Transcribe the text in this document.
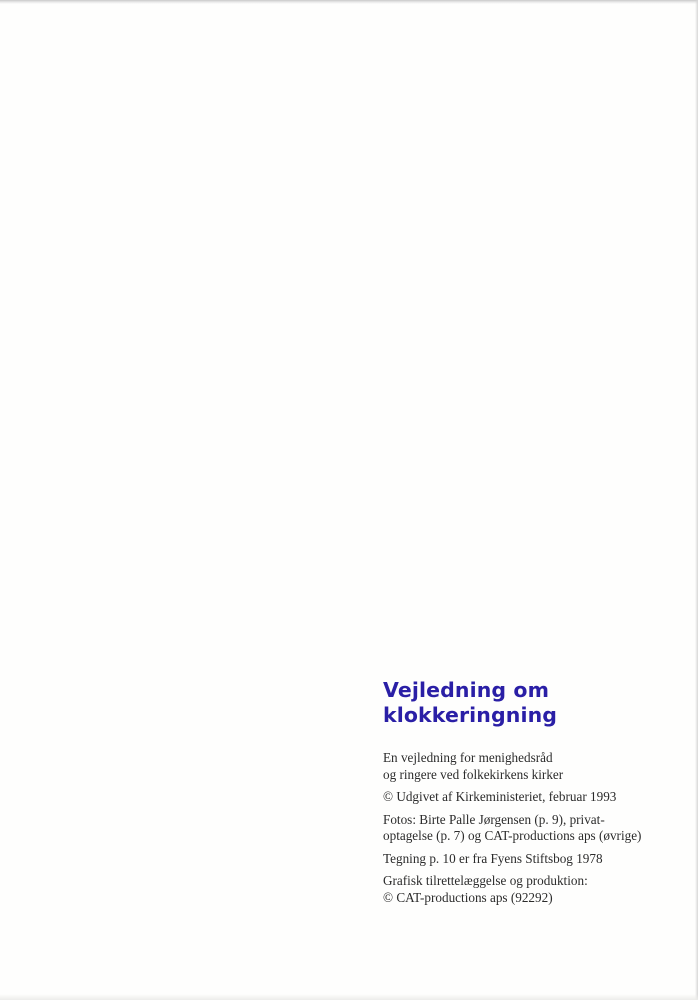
Vejledning om
klokkeringning

En vejledning for menighedsråd
og ringere ved folkekirkens kirker

© Udgivet af Kirkeministeriet, februar 1993

Fotos: Birte Palle Jørgensen (p. 9), privat-
optagelse (p. 7) og CAT-productions aps (øvrige)

Tegning p. 10 er fra Fyens Stiftsbog 1978

Grafisk tilrettelæggelse og produktion:
© CAT-productions aps (92292)
